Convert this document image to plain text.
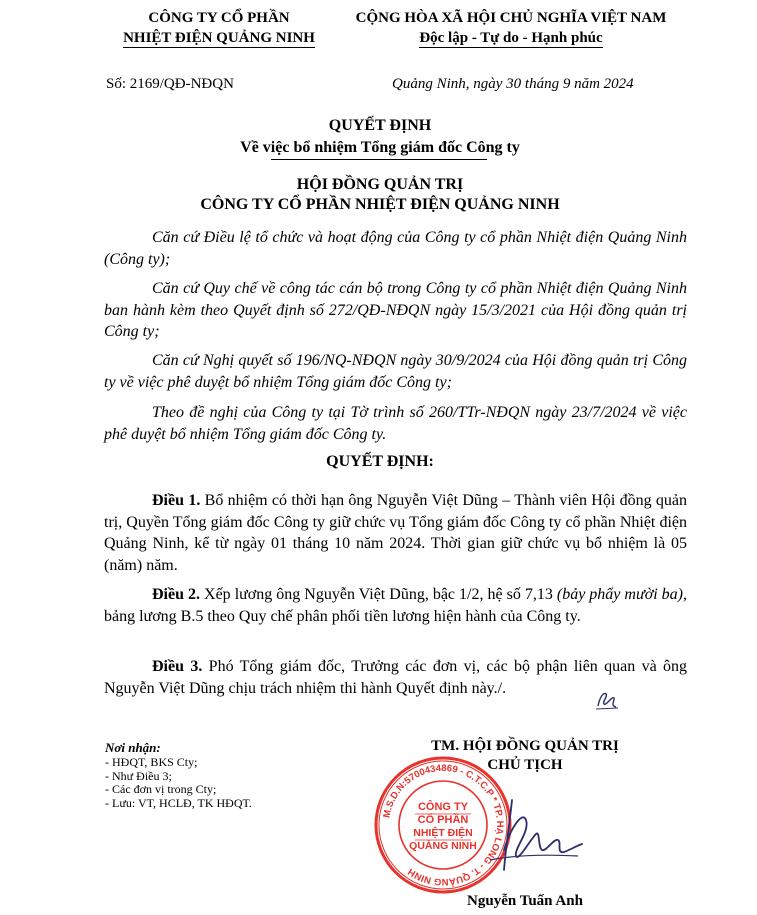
CÔNG TY CỔ PHẦN
NHIỆT ĐIỆN QUẢNG NINH
CỘNG HÒA XÃ HỘI CHỦ NGHĨA VIỆT NAM
Độc lập - Tự do - Hạnh phúc
Số: 2169/QĐ-NĐQN	Quảng Ninh, ngày 30 tháng 9 năm 2024
QUYẾT ĐỊNH
Về việc bổ nhiệm Tổng giám đốc Công ty
HỘI ĐỒNG QUẢN TRỊ
CÔNG TY CỔ PHẦN NHIỆT ĐIỆN QUẢNG NINH
Căn cứ Điều lệ tổ chức và hoạt động của Công ty cổ phần Nhiệt điện Quảng Ninh (Công ty);
Căn cứ Quy chế về công tác cán bộ trong Công ty cổ phần Nhiệt điện Quảng Ninh ban hành kèm theo Quyết định số 272/QĐ-NĐQN ngày 15/3/2021 của Hội đồng quản trị Công ty;
Căn cứ Nghị quyết số 196/NQ-NĐQN ngày 30/9/2024 của Hội đồng quản trị Công ty về việc phê duyệt bổ nhiệm Tổng giám đốc Công ty;
Theo đề nghị của Công ty tại Tờ trình số 260/TTr-NĐQN ngày 23/7/2024 về việc phê duyệt bổ nhiệm Tổng giám đốc Công ty.
QUYẾT ĐỊNH:
Điều 1. Bổ nhiệm có thời hạn ông Nguyễn Việt Dũng – Thành viên Hội đồng quản trị, Quyền Tổng giám đốc Công ty giữ chức vụ Tổng giám đốc Công ty cổ phần Nhiệt điện Quảng Ninh, kể từ ngày 01 tháng 10 năm 2024. Thời gian giữ chức vụ bổ nhiệm là 05 (năm) năm.
Điều 2. Xếp lương ông Nguyễn Việt Dũng, bậc 1/2, hệ số 7,13 (bảy phẩy mười ba), bảng lương B.5 theo Quy chế phân phối tiền lương hiện hành của Công ty.
Điều 3. Phó Tổng giám đốc, Trưởng các đơn vị, các bộ phận liên quan và ông Nguyễn Việt Dũng chịu trách nhiệm thi hành Quyết định này./.
Nơi nhận:
- HĐQT, BKS Cty;
- Như Điều 3;
- Các đơn vị trong Cty;
- Lưu: VT, HCLĐ, TK HĐQT.
TM. HỘI ĐỒNG QUẢN TRỊ
CHỦ TỊCH
M.S.D.N:5700434869 - C.T.C.P * TP. HẠ LONG - T. QUẢNG NINH
CÔNG TY
CỔ PHẦN
NHIỆT ĐIỆN
QUẢNG NINH
Nguyễn Tuấn Anh
